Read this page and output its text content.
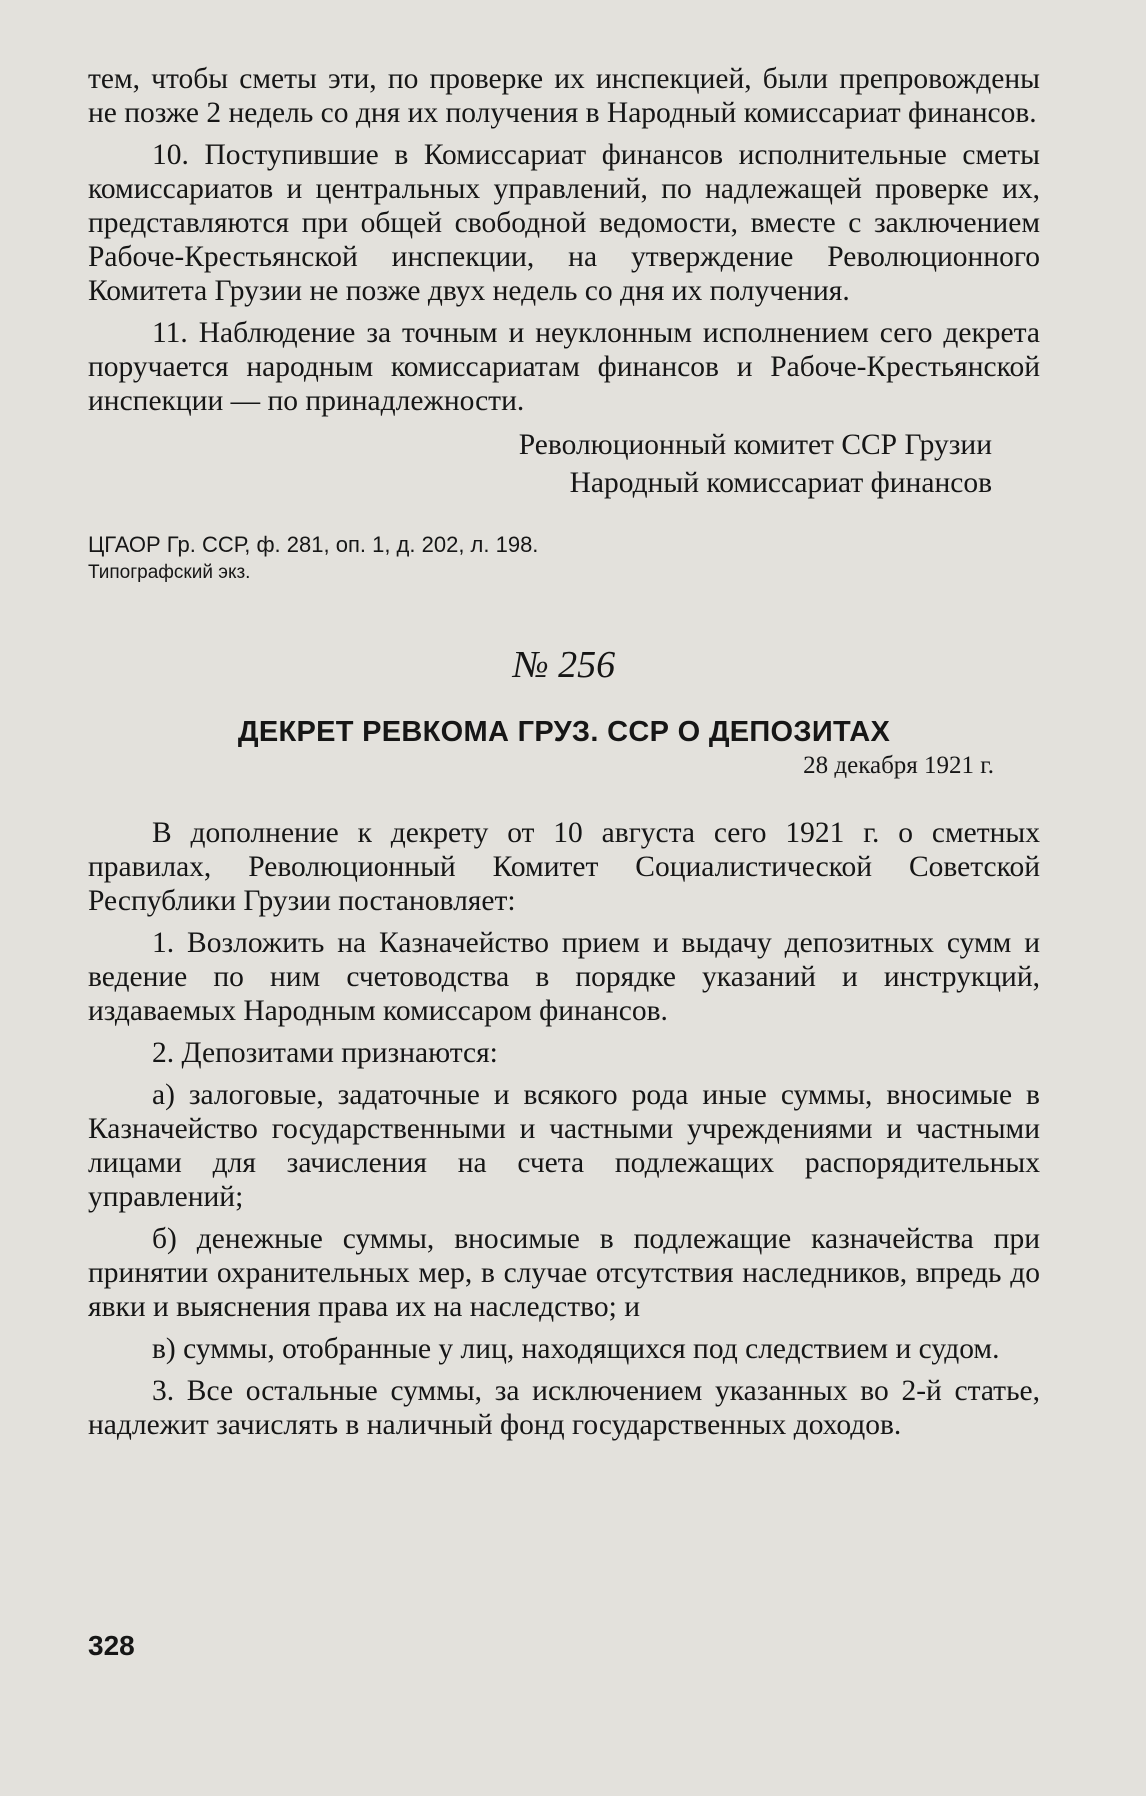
тем, чтобы сметы эти, по проверке их инспекцией, были препровождены не позже 2 недель со дня их получения в Народный комиссариат финансов.

10. Поступившие в Комиссариат финансов исполнительные сметы комиссариатов и центральных управлений, по надлежащей проверке их, представляются при общей свободной ведомости, вместе с заключением Рабоче-Крестьянской инспекции, на утверждение Революционного Комитета Грузии не позже двух недель со дня их получения.

11. Наблюдение за точным и неуклонным исполнением сего декрета поручается народным комиссариатам финансов и Рабоче-Крестьянской инспекции — по принадлежности.

Революционный комитет ССР Грузии
Народный комиссариат финансов
ЦГАОР Гр. ССР, ф. 281, оп. 1, д. 202, л. 198.
Типографский экз.
№ 256
ДЕКРЕТ РЕВКОМА ГРУЗ. ССР О ДЕПОЗИТАХ
28 декабря 1921 г.

В дополнение к декрету от 10 августа сего 1921 г. о сметных правилах, Революционный Комитет Социалистической Советской Республики Грузии постановляет:

1. Возложить на Казначейство прием и выдачу депозитных сумм и ведение по ним счетоводства в порядке указаний и инструкций, издаваемых Народным комиссаром финансов.

2. Депозитами признаются:

а) залоговые, задаточные и всякого рода иные суммы, вносимые в Казначейство государственными и частными учреждениями и частными лицами для зачисления на счета подлежащих распорядительных управлений;

б) денежные суммы, вносимые в подлежащие казначейства при принятии охранительных мер, в случае отсутствия наследников, впредь до явки и выяснения права их на наследство; и

в) суммы, отобранные у лиц, находящихся под следствием и судом.

3. Все остальные суммы, за исключением указанных во 2-й статье, надлежит зачислять в наличный фонд государственных доходов.

328
